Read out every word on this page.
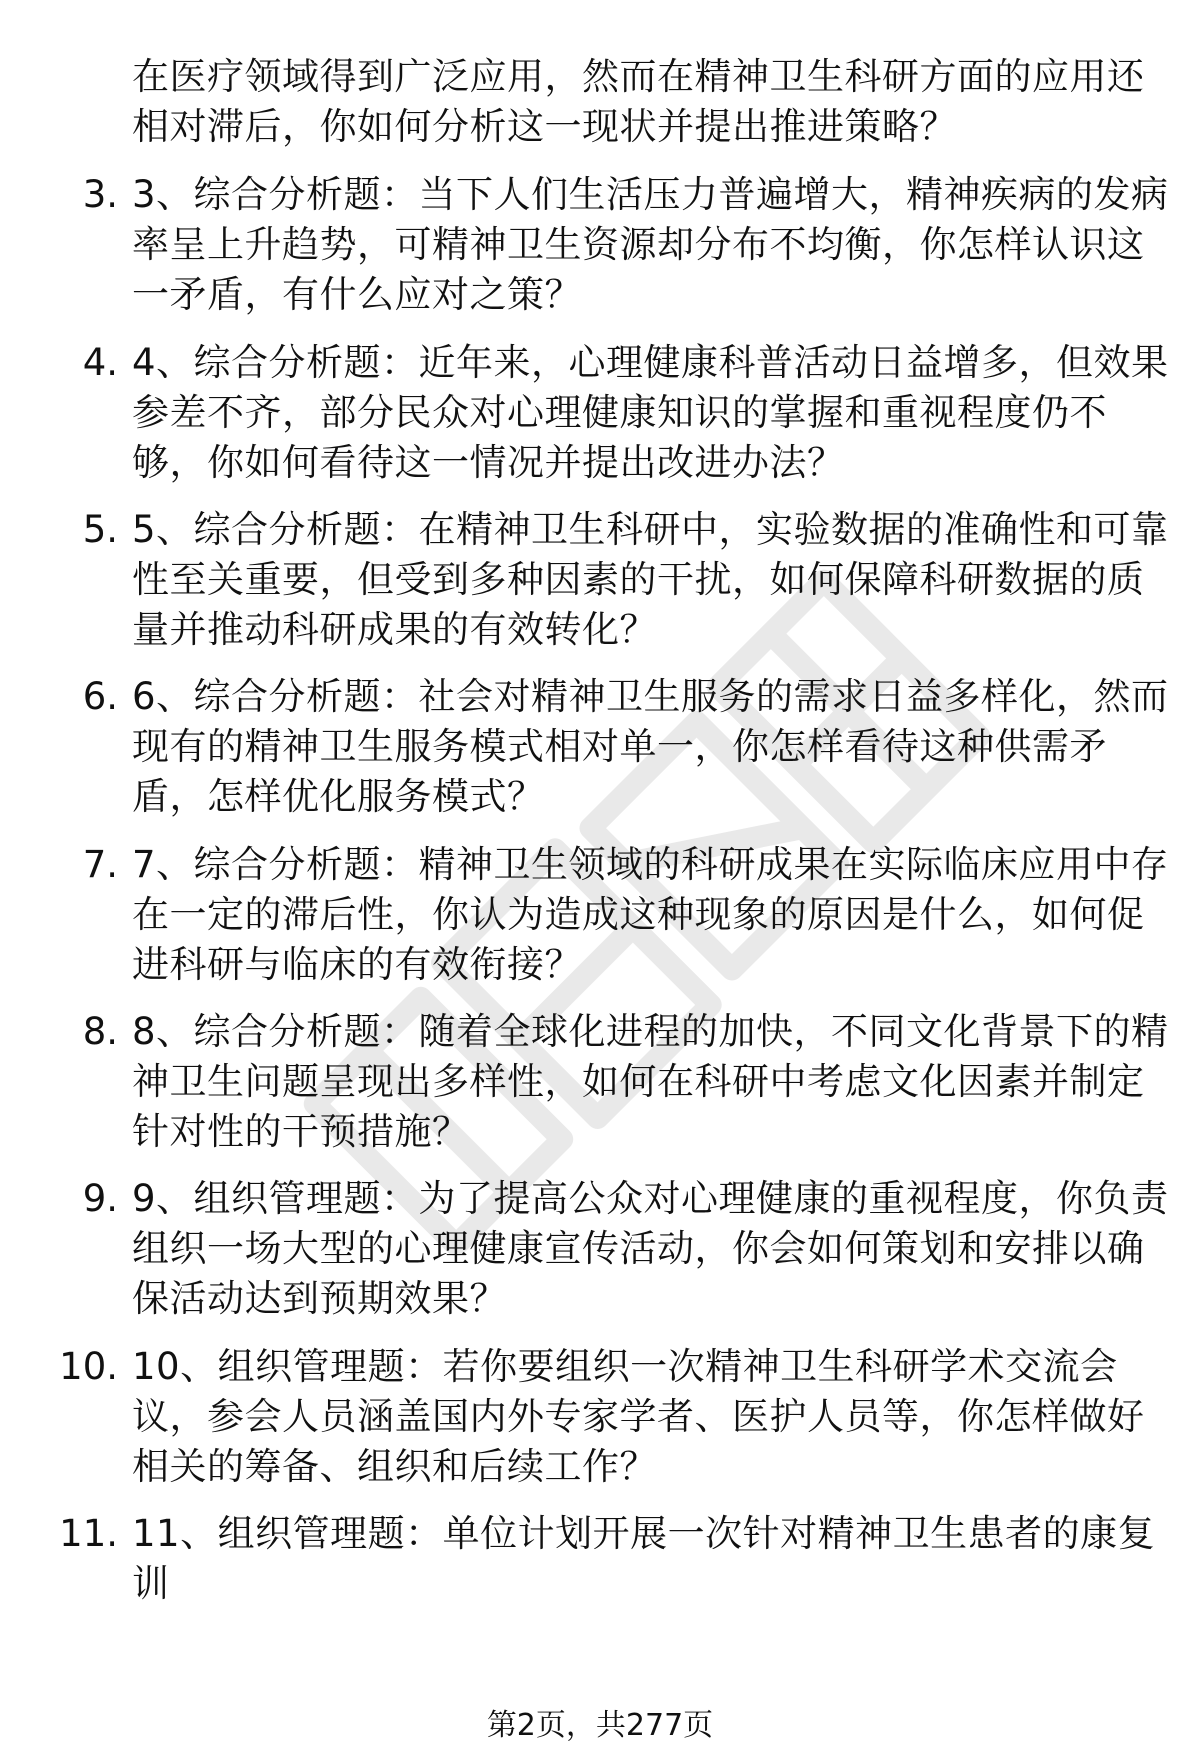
在医疗领域得到广泛应用，然而在精神卫生科研方面的应用还相对滞后，你如何分析这一现状并提出推进策略？
3. 3、综合分析题：当下人们生活压力普遍增大，精神疾病的发病率呈上升趋势，可精神卫生资源却分布不均衡，你怎样认识这一矛盾，有什么应对之策？
4. 4、综合分析题：近年来，心理健康科普活动日益增多，但效果参差不齐，部分民众对心理健康知识的掌握和重视程度仍不够，你如何看待这一情况并提出改进办法？
5. 5、综合分析题：在精神卫生科研中，实验数据的准确性和可靠性至关重要，但受到多种因素的干扰，如何保障科研数据的质量并推动科研成果的有效转化？
6. 6、综合分析题：社会对精神卫生服务的需求日益多样化，然而现有的精神卫生服务模式相对单一，你怎样看待这种供需矛盾，怎样优化服务模式？
7. 7、综合分析题：精神卫生领域的科研成果在实际临床应用中存在一定的滞后性，你认为造成这种现象的原因是什么，如何促进科研与临床的有效衔接？
8. 8、综合分析题：随着全球化进程的加快，不同文化背景下的精神卫生问题呈现出多样性，如何在科研中考虑文化因素并制定针对性的干预措施？
9. 9、组织管理题：为了提高公众对心理健康的重视程度，你负责组织一场大型的心理健康宣传活动，你会如何策划和安排以确保活动达到预期效果？
10. 10、组织管理题：若你要组织一次精神卫生科研学术交流会议，参会人员涵盖国内外专家学者、医护人员等，你怎样做好相关的筹备、组织和后续工作？
11. 11、组织管理题：单位计划开展一次针对精神卫生患者的康复训
第2页，共277页
